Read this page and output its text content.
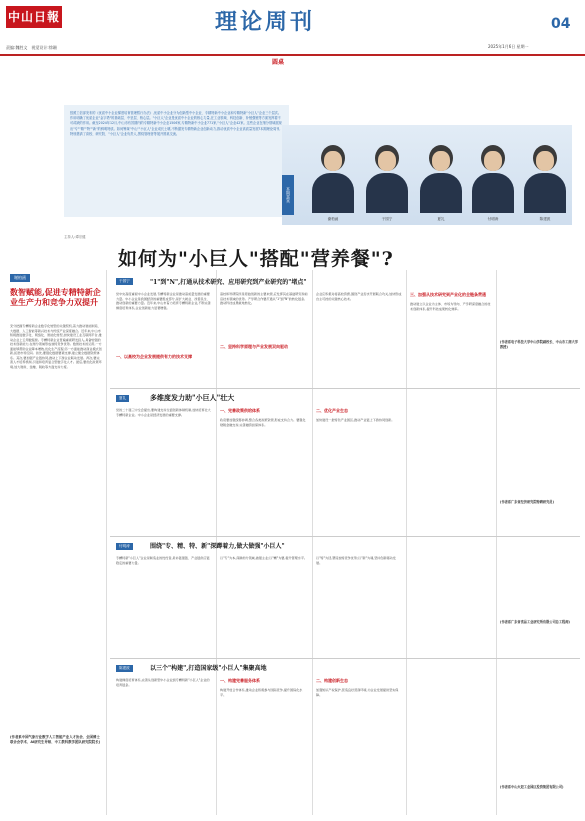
中山日報
责编:魏胜文　视觉设计:徐珊
理论周刊	04
2025年1月6日 星期一
圆桌
按照工信部发布的《优质中小企业梯度培育管理暂行办法》,优质中小企业分为创新型中小企业、专精特新中小企业和专精特新"小巨人"企业三个层次。作用明确了优质企业"金字塔"的基础层、中坚层、核心层。"小巨人"企业是优质中小企业的核心力量,在工业领域、科技创新、补链强链等方面发挥着不可或缺的作用。截至2024年12月,中山市有效期内的专精特新中小企业1506家,专精特新中小企业771家,"小巨人"企业42家。这些企业在细分领域展现出"专""精""特""新"的鲜明特质。如何筹谋"中山""小巨人"企业成长土壤,不断激发专精特新企业创新动力,推动优质中小企业高质量发展?本期理论周刊,特别邀请了高校、研究院、"小巨人"企业负责人,围绕管理者等展开圆桌交流。
主持人:谭宗健
本期嘉宾
谢柏函	于园宁	夏礼	付明涛	陈建波
如何为"小巨人"搭配"营养餐"?
谢柏函
数智赋能,促进专精特新企业生产力和竞争力双提升
充分把握专精特新企业数字化转型的关键契机,着力推动智能制造、大数据、人工智能等新兴技术与传统产业深度融合。近年来,中山市积极推进数字化、网络化、智能化转型,加快建设工业互联网平台,推动企业上云用数赋智。专精特新企业普遍重视研发投入,具备较强的技术创新能力,在细分领域形成独特竞争优势。数智技术的运用,一方面能够帮助企业降本增效,优化生产流程;另一方面能推动商业模式创新,拓宽市场空间。首先,要强化数据要素支撑,建立健全数据资源体系。其次,要加强产业链协同,推动上下游企业联动发展。再次,要完善人才培养机制,引进和培育复合型数字化人才。最后,要优化政策环境,加大财政、金融、税收等方面支持力度。
(作者系中国气象行业数字人工智能产业人才协会、全国博士联合会学术、AI研究生导师、中工教科教学团队研究院院长)
于园宁	"1"到"N",打通从技术研究、应用研究到产业研究的"堵点"
党中央高度重视中小企业发展,专精特新企业是推动高质量发展的重要力量。中小企业是我国经济的重要组成部分,是扩大就业、改善民生、推动创新的重要力量。近年来,中山市着力培育专精特新企业,不断完善梯度培育体系,企业创新能力显著增强。
一、以高校为企业发展提供有力的技术支撑
高校和科研院所是原始创新的主要来源,应发挥其在基础研究和前沿技术领域的优势。产学研合作要打通从"1"到"N"的转化链条,推动科技成果就地转化。
二、坚持科学原理与产业发展双向驱动
企业应积极对接高校资源,围绕产业需求开展联合攻关,加快形成自主可控的关键核心技术。
三、加强从技术研究到产业化的全链条贯通
推动建立以企业为主体、市场为导向、产学研深度融合的技术创新体系,提升科技成果转化效率。
(作者系电子科技大学中山学院副校长、中山市工商大学教授)
夏礼	多维度发力助"小巨人"壮大
党的二十届三中全会提出,要构建支持全面创新体制机制,加快培育壮大专精特新企业。中小企业是经济发展的重要支撑。
一、完善政策供给体系
政府要加强统筹协调,整合各类政策资源,形成支持合力。要强化财税金融支持,完善融资担保体系。
二、优化产业生态
加快建设一批特色产业园区,推动产业链上下游协同创新。
(作者系广东省经济研究院特聘研究员)
付明涛	围绕"专、精、特、新"深蹲着力,做大做强"小巨人"
专精特新"小巨人"企业是制造业的佼佼者,是补链强链、产业链供应链稳定的重要力量。
以"专"为本,深耕细分领域,做强主业;以"精"为要,提升管理水平。	以"特"为径,塑造独特竞争优势;以"新"为魂,坚持创新驱动发展。
(作者系广东省食品工业研究所有限公司总工程师)
陈建波	以三个"构建",打造国家级"小巨人"集聚高地
构建梯度培育体系,完善从创新型中小企业到专精特新"小巨人"企业的培育链条。
一、构建完善服务体系
构建开放合作体系,推动企业积极参与国际竞争,提升国际化水平。
二、构建创新生态
加强知识产权保护,营造良好营商环境,为企业发展提供坚实保障。
(作者系中山火炬工业园区投资集团有限公司)
